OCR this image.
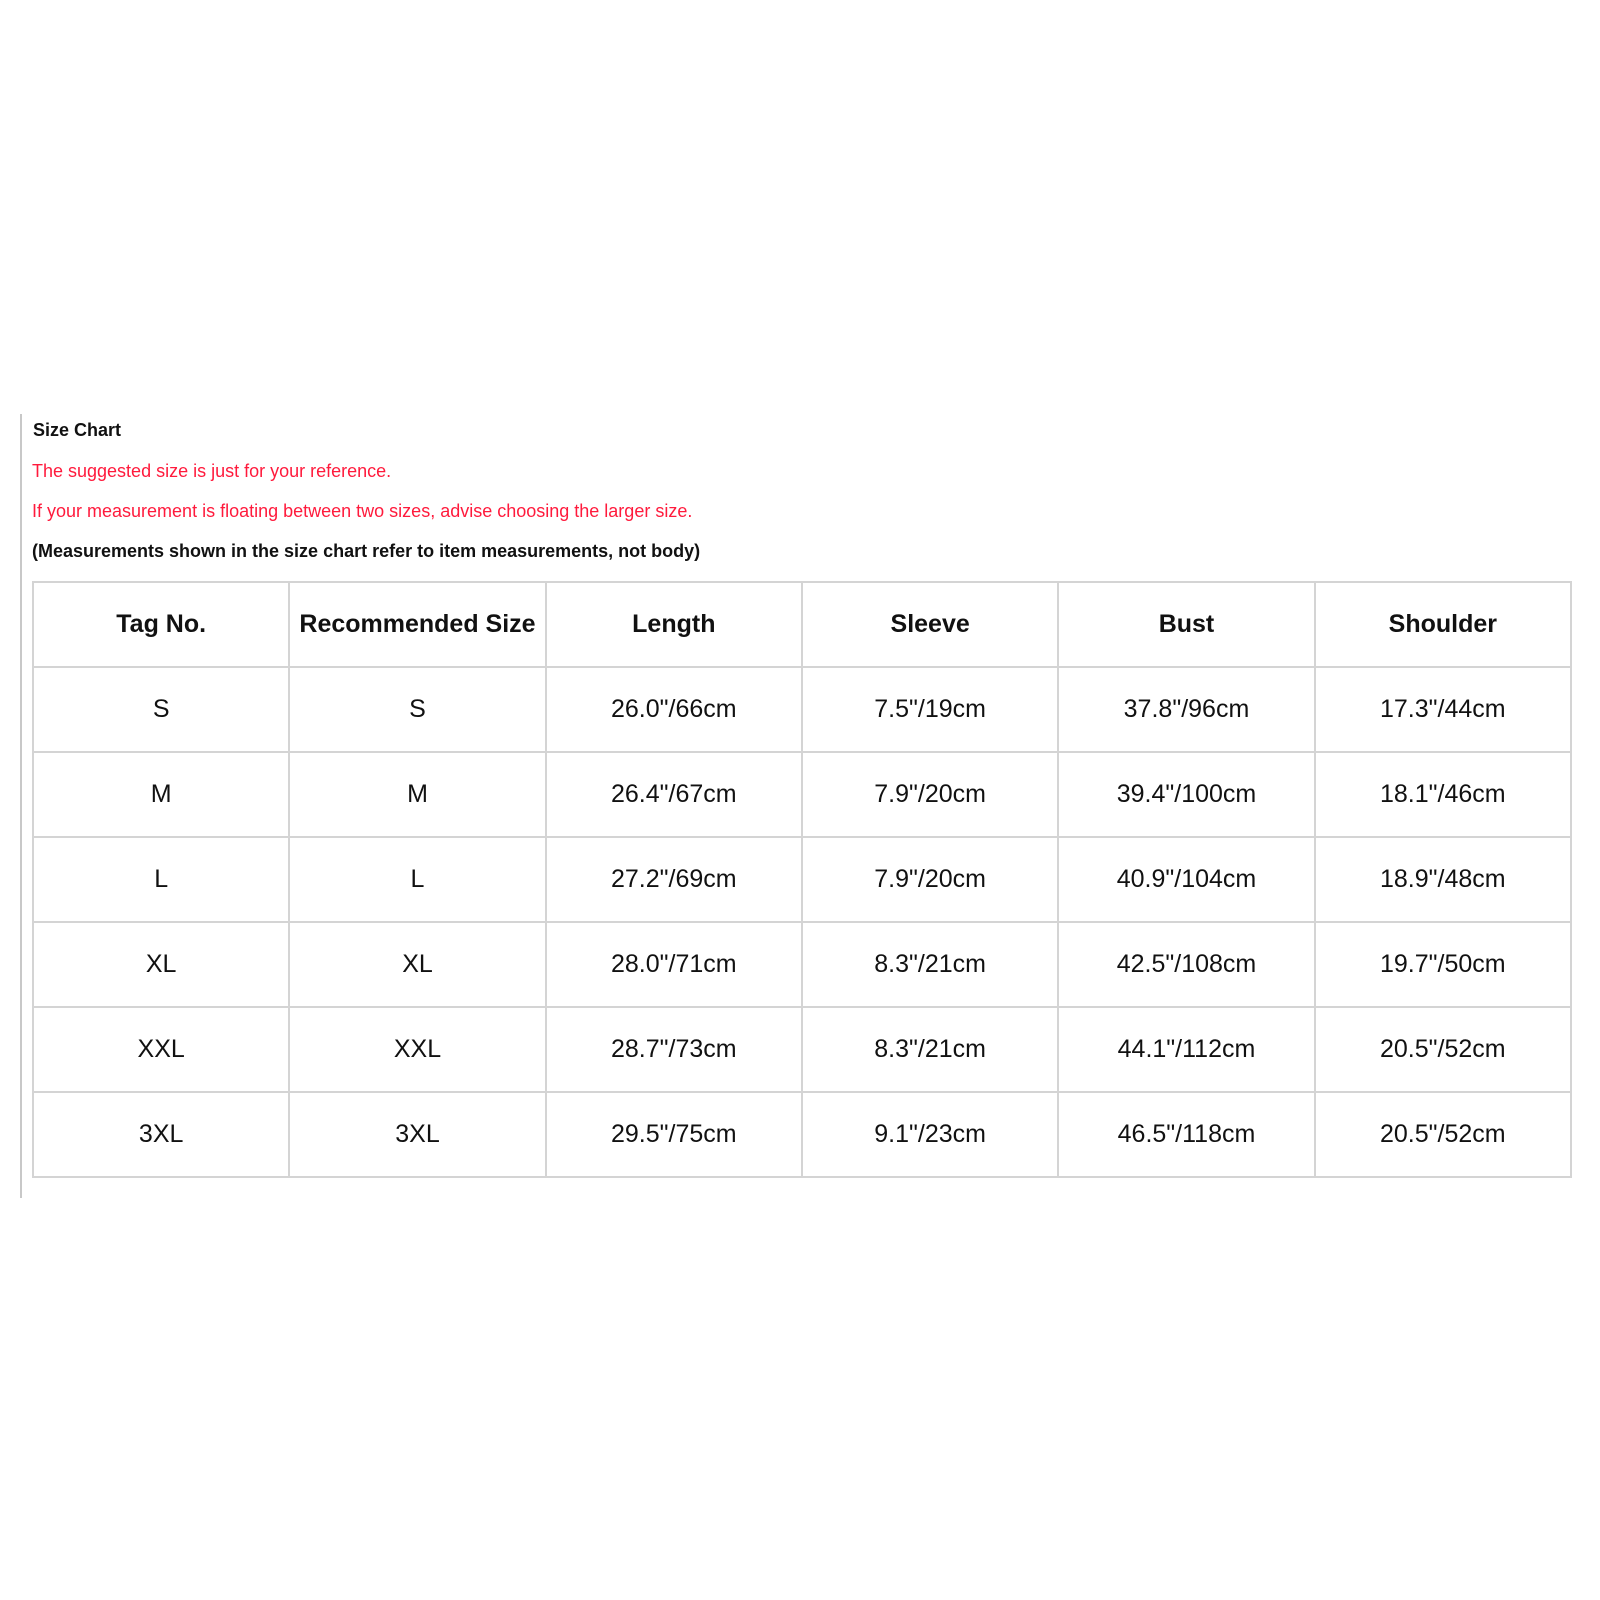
Size Chart
The suggested size is just for your reference.
If your measurement is floating between two sizes, advise choosing the larger size.
(Measurements shown in the size chart refer to item measurements, not body)
Tag No.	Recommended Size	Length	Sleeve	Bust	Shoulder
S	S	26.0"/66cm	7.5"/19cm	37.8"/96cm	17.3"/44cm
M	M	26.4"/67cm	7.9"/20cm	39.4"/100cm	18.1"/46cm
L	L	27.2"/69cm	7.9"/20cm	40.9"/104cm	18.9"/48cm
XL	XL	28.0"/71cm	8.3"/21cm	42.5"/108cm	19.7"/50cm
XXL	XXL	28.7"/73cm	8.3"/21cm	44.1"/112cm	20.5"/52cm
3XL	3XL	29.5"/75cm	9.1"/23cm	46.5"/118cm	20.5"/52cm
